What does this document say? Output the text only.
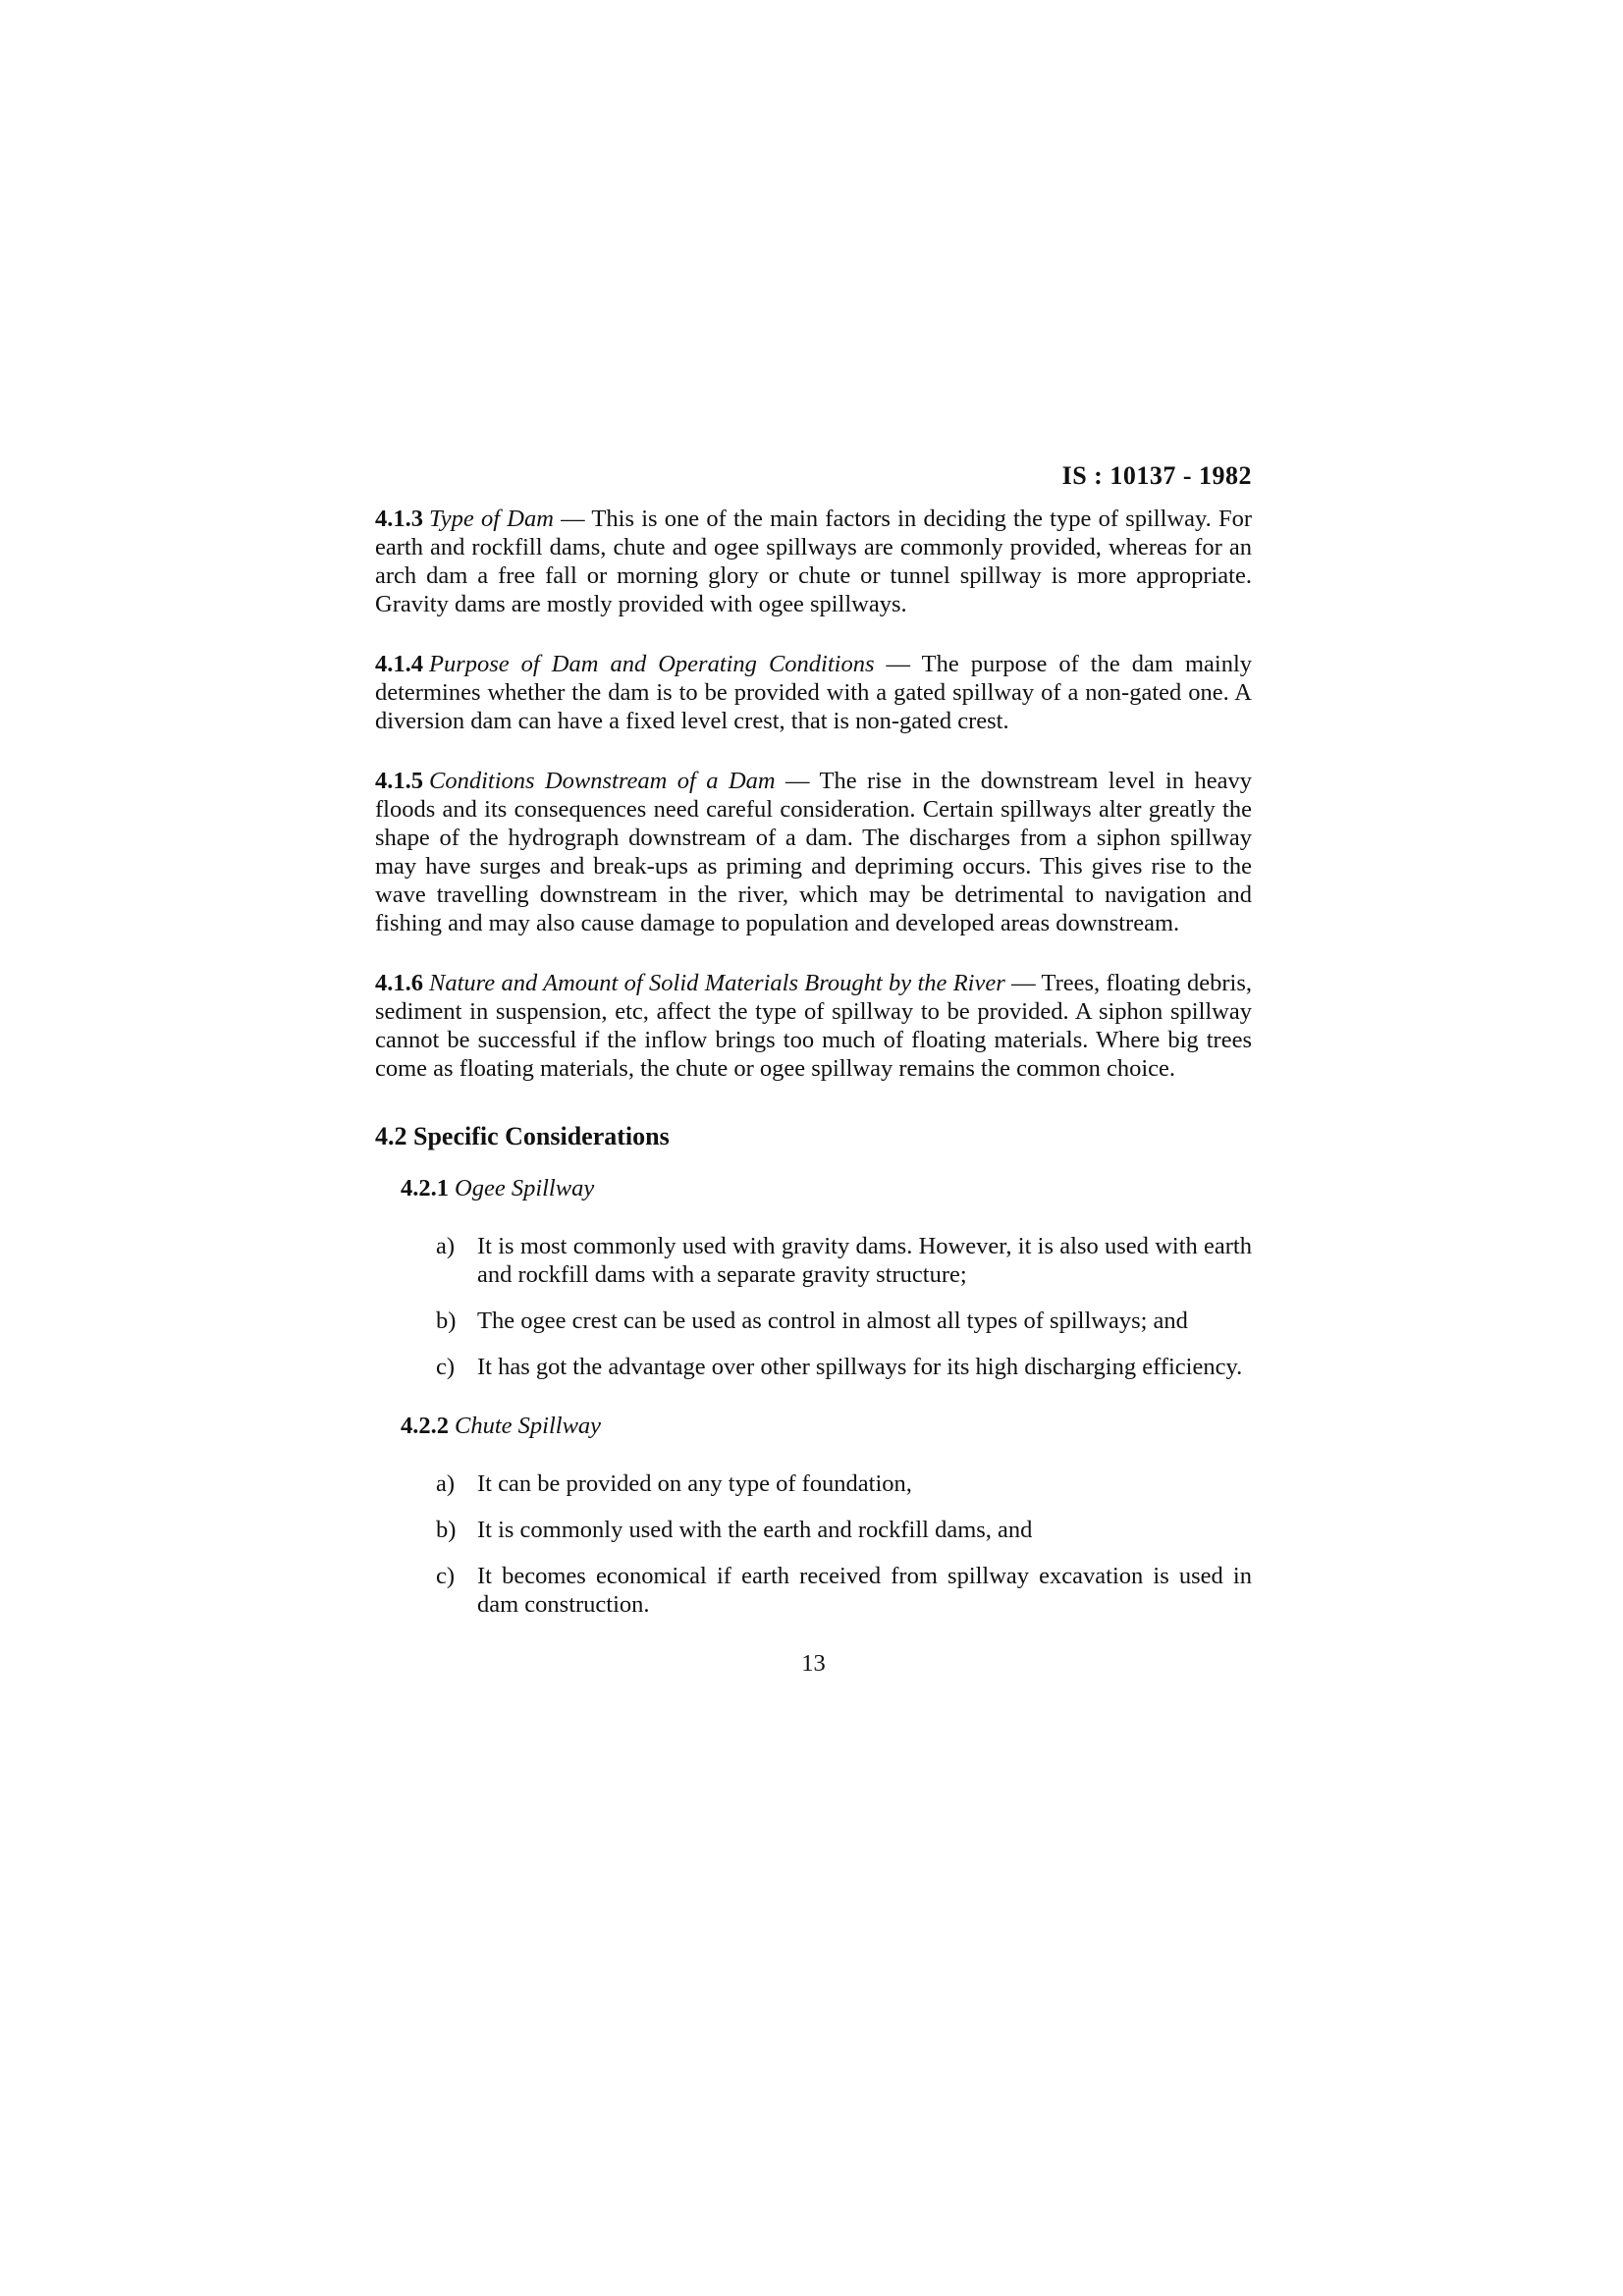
IS : 10137 - 1982

4.1.3 Type of Dam — This is one of the main factors in deciding the type of spillway. For earth and rockfill dams, chute and ogee spillways are commonly provided, whereas for an arch dam a free fall or morning glory or chute or tunnel spillway is more appropriate. Gravity dams are mostly provided with ogee spillways.

4.1.4 Purpose of Dam and Operating Conditions — The purpose of the dam mainly determines whether the dam is to be provided with a gated spillway of a non-gated one. A diversion dam can have a fixed level crest, that is non-gated crest.

4.1.5 Conditions Downstream of a Dam — The rise in the downstream level in heavy floods and its consequences need careful consideration. Certain spillways alter greatly the shape of the hydrograph downstream of a dam. The discharges from a siphon spillway may have surges and break-ups as priming and depriming occurs. This gives rise to the wave travelling downstream in the river, which may be detrimental to navigation and fishing and may also cause damage to population and developed areas downstream.

4.1.6 Nature and Amount of Solid Materials Brought by the River — Trees, floating debris, sediment in suspension, etc, affect the type of spillway to be provided. A siphon spillway cannot be successful if the inflow brings too much of floating materials. Where big trees come as floating materials, the chute or ogee spillway remains the common choice.

4.2 Specific Considerations
4.2.1 Ogee Spillway
a) It is most commonly used with gravity dams. However, it is also used with earth and rockfill dams with a separate gravity structure;
b) The ogee crest can be used as control in almost all types of spillways; and
c) It has got the advantage over other spillways for its high discharging efficiency.
4.2.2 Chute Spillway
a) It can be provided on any type of foundation,
b) It is commonly used with the earth and rockfill dams, and
c) It becomes economical if earth received from spillway excavation is used in dam construction.
13
